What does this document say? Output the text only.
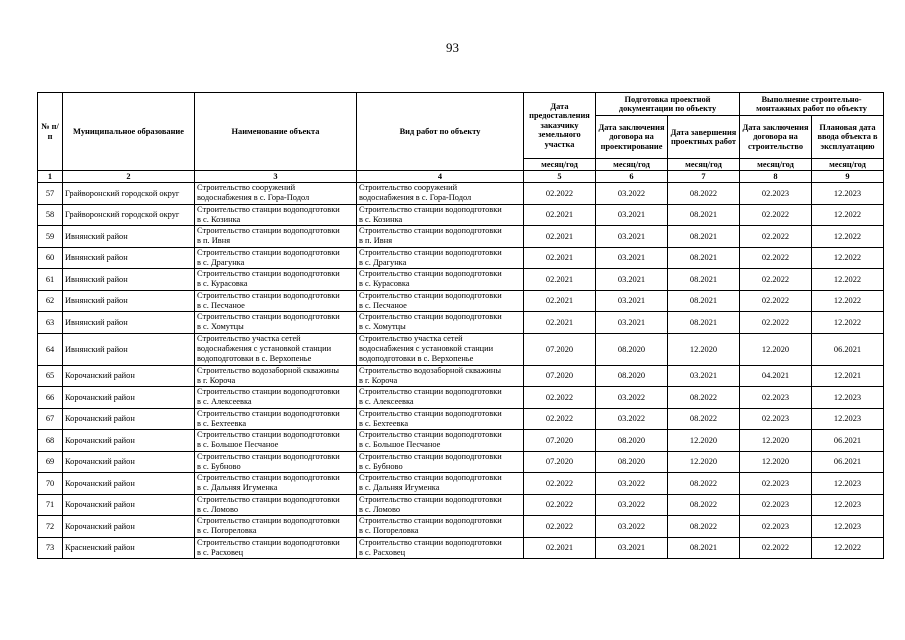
93
№ п/п	Муниципальное образование	Наименование объекта	Вид работ по объекту	Дата предоставления заказчику земельного участка	Подготовка проектной документации по объекту		Выполнение строительно-монтажных работ по объекту	
					Дата заключения договора на проектирование	Дата завершения проектных работ	Дата заключения договора на строительство	Плановая дата ввода объекта в эксплуатацию
				месяц/год	месяц/год	месяц/год	месяц/год	месяц/год
1	2	3	4	5	6	7	8	9
57	Грайворонский городской округ	Строительство сооружений
водоснабжения в с. Гора-Подол	Строительство сооружений
водоснабжения в с. Гора-Подол	02.2022	03.2022	08.2022	02.2023	12.2023
58	Грайворонский городской округ	Строительство станции водоподготовки
в с. Козинка	Строительство станции водоподготовки
в с. Козинка	02.2021	03.2021	08.2021	02.2022	12.2022
59	Ивнянский район	Строительство станции водоподготовки
в п. Ивня	Строительство станции водоподготовки
в п. Ивня	02.2021	03.2021	08.2021	02.2022	12.2022
60	Ивнянский район	Строительство станции водоподготовки
в с. Драгунка	Строительство станции водоподготовки
в с. Драгунка	02.2021	03.2021	08.2021	02.2022	12.2022
61	Ивнянский район	Строительство станции водоподготовки
в с. Курасовка	Строительство станции водоподготовки
в с. Курасовка	02.2021	03.2021	08.2021	02.2022	12.2022
62	Ивнянский район	Строительство станции водоподготовки
в с. Песчаное	Строительство станции водоподготовки
в с. Песчаное	02.2021	03.2021	08.2021	02.2022	12.2022
63	Ивнянский район	Строительство станции водоподготовки
в с. Хомутцы	Строительство станции водоподготовки
в с. Хомутцы	02.2021	03.2021	08.2021	02.2022	12.2022
64	Ивнянский район	Строительство участка сетей
водоснабжения с установкой станции
водоподготовки в с. Верхопенье	Строительство участка сетей
водоснабжения с установкой станции
водоподготовки в с. Верхопенье	07.2020	08.2020	12.2020	12.2020	06.2021
65	Корочанский район	Строительство водозаборной скважины
в г. Короча	Строительство водозаборной скважины
в г. Короча	07.2020	08.2020	03.2021	04.2021	12.2021
66	Корочанский район	Строительство станции водоподготовки
в с. Алексеевка	Строительство станции водоподготовки
в с. Алексеевка	02.2022	03.2022	08.2022	02.2023	12.2023
67	Корочанский район	Строительство станции водоподготовки
в с. Бехтеевка	Строительство станции водоподготовки
в с. Бехтеевка	02.2022	03.2022	08.2022	02.2023	12.2023
68	Корочанский район	Строительство станции водоподготовки
в с. Большое Песчаное	Строительство станции водоподготовки
в с. Большое Песчаное	07.2020	08.2020	12.2020	12.2020	06.2021
69	Корочанский район	Строительство станции водоподготовки
в с. Бубново	Строительство станции водоподготовки
в с. Бубново	07.2020	08.2020	12.2020	12.2020	06.2021
70	Корочанский район	Строительство станции водоподготовки
в с. Дальняя Игуменка	Строительство станции водоподготовки
в с. Дальняя Игуменка	02.2022	03.2022	08.2022	02.2023	12.2023
71	Корочанский район	Строительство станции водоподготовки
в с. Ломово	Строительство станции водоподготовки
в с. Ломово	02.2022	03.2022	08.2022	02.2023	12.2023
72	Корочанский район	Строительство станции водоподготовки
в с. Погореловка	Строительство станции водоподготовки
в с. Погореловка	02.2022	03.2022	08.2022	02.2023	12.2023
73	Красненский район	Строительство станции водоподготовки
в с. Расховец	Строительство станции водоподготовки
в с. Расховец	02.2021	03.2021	08.2021	02.2022	12.2022
